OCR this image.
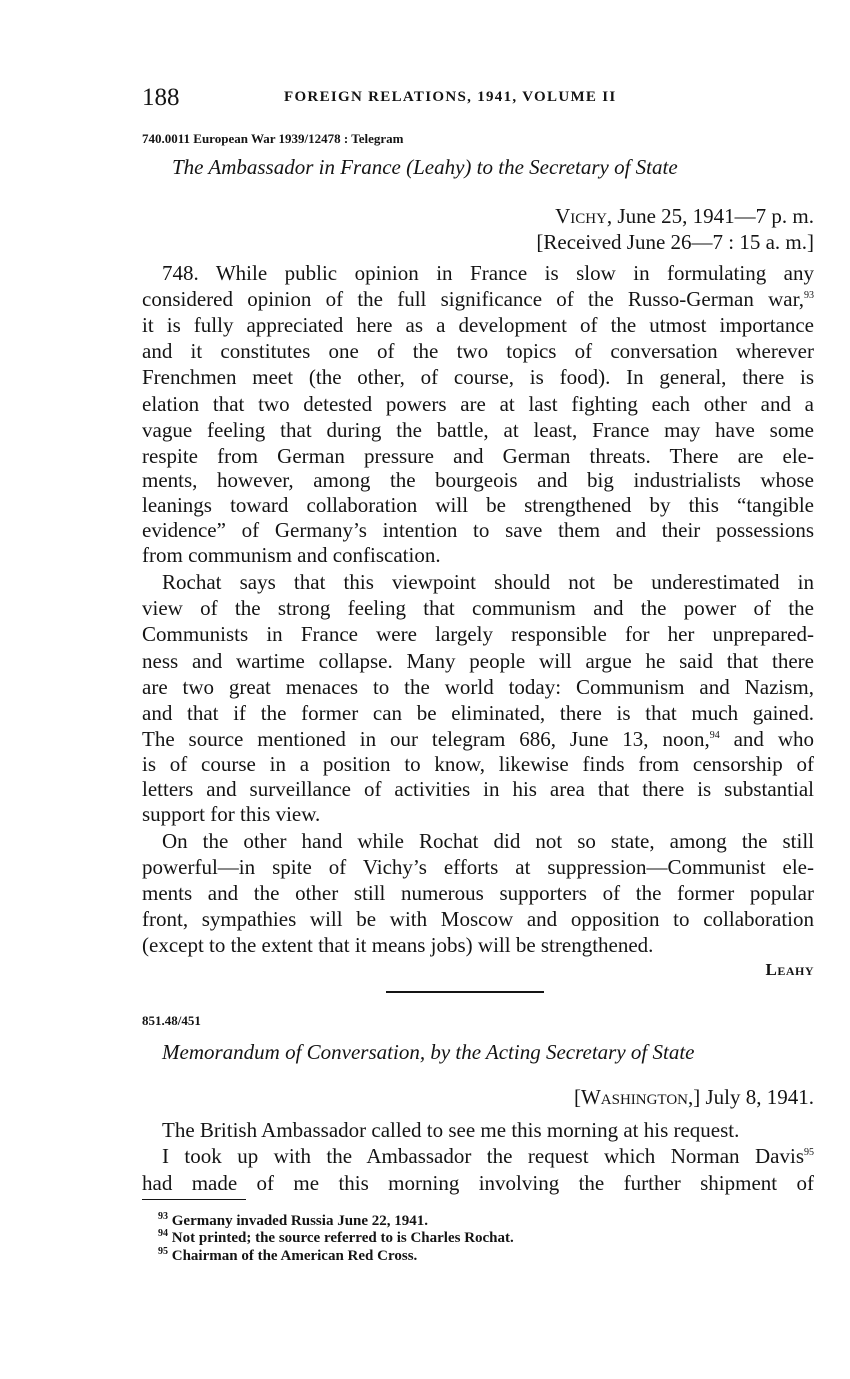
188	FOREIGN RELATIONS, 1941, VOLUME II
740.0011 European War 1939/12478 : Telegram
The Ambassador in France (Leahy) to the Secretary of State
Vichy, June 25, 1941—7 p. m.
[Received June 26—7 : 15 a. m.]
748. While public opinion in France is slow in formulating any
considered opinion of the full significance of the Russo-German war,$^{93}$
it is fully appreciated here as a development of the utmost importance
and it constitutes one of the two topics of conversation wherever
Frenchmen meet (the other, of course, is food). In general, there is
elation that two detested powers are at last fighting each other and a
vague feeling that during the battle, at least, France may have some
respite from German pressure and German threats. There are ele-
ments, however, among the bourgeois and big industrialists whose
leanings toward collaboration will be strengthened by this “tangible
evidence” of Germany’s intention to save them and their possessions
from communism and confiscation.
Rochat says that this viewpoint should not be underestimated in
view of the strong feeling that communism and the power of the
Communists in France were largely responsible for her unprepared-
ness and wartime collapse. Many people will argue he said that there
are two great menaces to the world today: Communism and Nazism,
and that if the former can be eliminated, there is that much gained.
The source mentioned in our telegram 686, June 13, noon,$^{94}$ and who
is of course in a position to know, likewise finds from censorship of
letters and surveillance of activities in his area that there is substantial
support for this view.
On the other hand while Rochat did not so state, among the still
powerful—in spite of Vichy’s efforts at suppression—Communist ele-
ments and the other still numerous supporters of the former popular
front, sympathies will be with Moscow and opposition to collaboration
(except to the extent that it means jobs) will be strengthened.
Leahy
851.48/451
Memorandum of Conversation, by the Acting Secretary of State
[Washington,] July 8, 1941.
The British Ambassador called to see me this morning at his request.
I took up with the Ambassador the request which Norman Davis$^{95}$
had made of me this morning involving the further shipment of
$^{93}$ Germany invaded Russia June 22, 1941.
$^{94}$ Not printed; the source referred to is Charles Rochat.
$^{95}$ Chairman of the American Red Cross.
